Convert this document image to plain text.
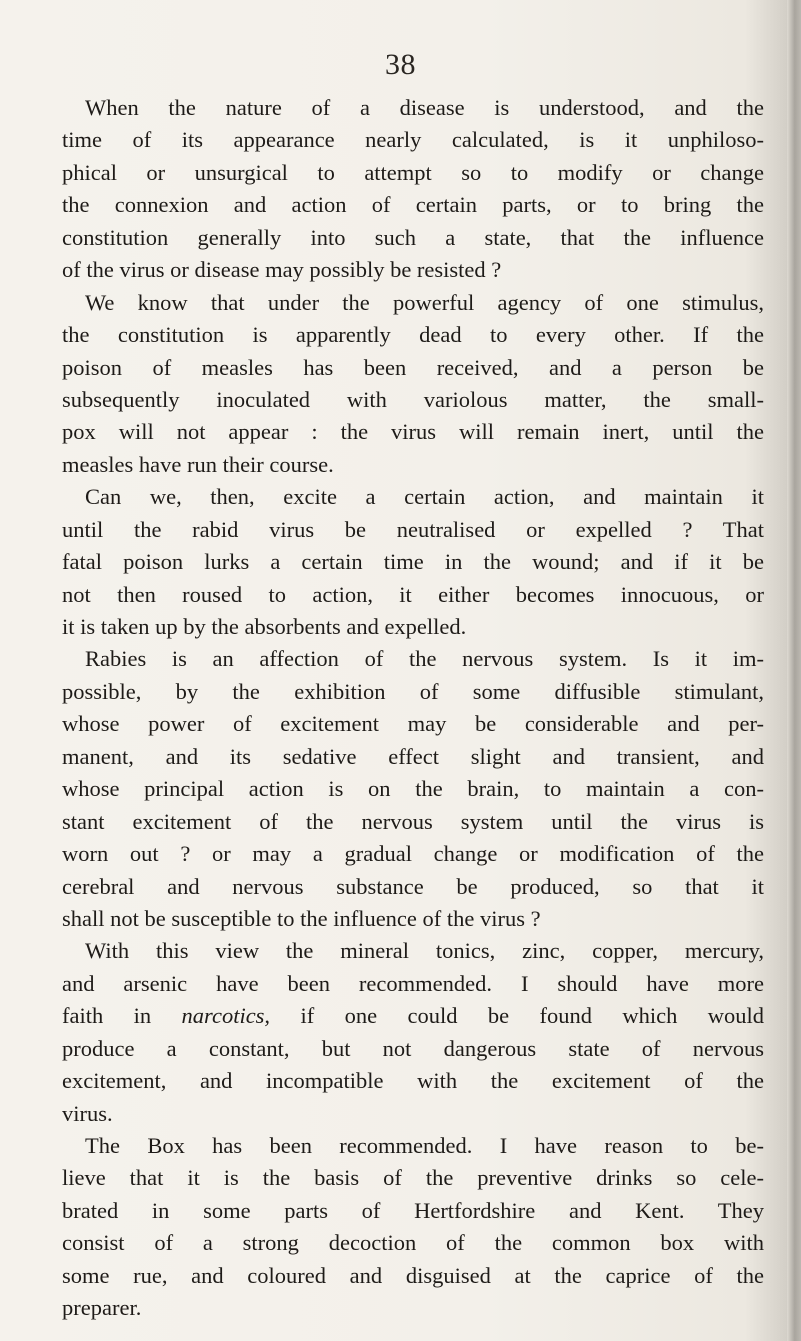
38
When the nature of a disease is understood, and the
time of its appearance nearly calculated, is it unphiloso-
phical or unsurgical to attempt so to modify or change
the connexion and action of certain parts, or to bring the
constitution generally into such a state, that the influence
of the virus or disease may possibly be resisted ?
We know that under the powerful agency of one stimulus,
the constitution is apparently dead to every other. If the
poison of measles has been received, and a person be
subsequently inoculated with variolous matter, the small-
pox will not appear : the virus will remain inert, until the
measles have run their course.
Can we, then, excite a certain action, and maintain it
until the rabid virus be neutralised or expelled ? That
fatal poison lurks a certain time in the wound; and if it be
not then roused to action, it either becomes innocuous, or
it is taken up by the absorbents and expelled.
Rabies is an affection of the nervous system. Is it im-
possible, by the exhibition of some diffusible stimulant,
whose power of excitement may be considerable and per-
manent, and its sedative effect slight and transient, and
whose principal action is on the brain, to maintain a con-
stant excitement of the nervous system until the virus is
worn out ? or may a gradual change or modification of the
cerebral and nervous substance be produced, so that it
shall not be susceptible to the influence of the virus ?
With this view the mineral tonics, zinc, copper, mercury,
and arsenic have been recommended. I should have more
faith in narcotics, if one could be found which would
produce a constant, but not dangerous state of nervous
excitement, and incompatible with the excitement of the
virus.
The Box has been recommended. I have reason to be-
lieve that it is the basis of the preventive drinks so cele-
brated in some parts of Hertfordshire and Kent. They
consist of a strong decoction of the common box with
some rue, and coloured and disguised at the caprice of the
preparer.
